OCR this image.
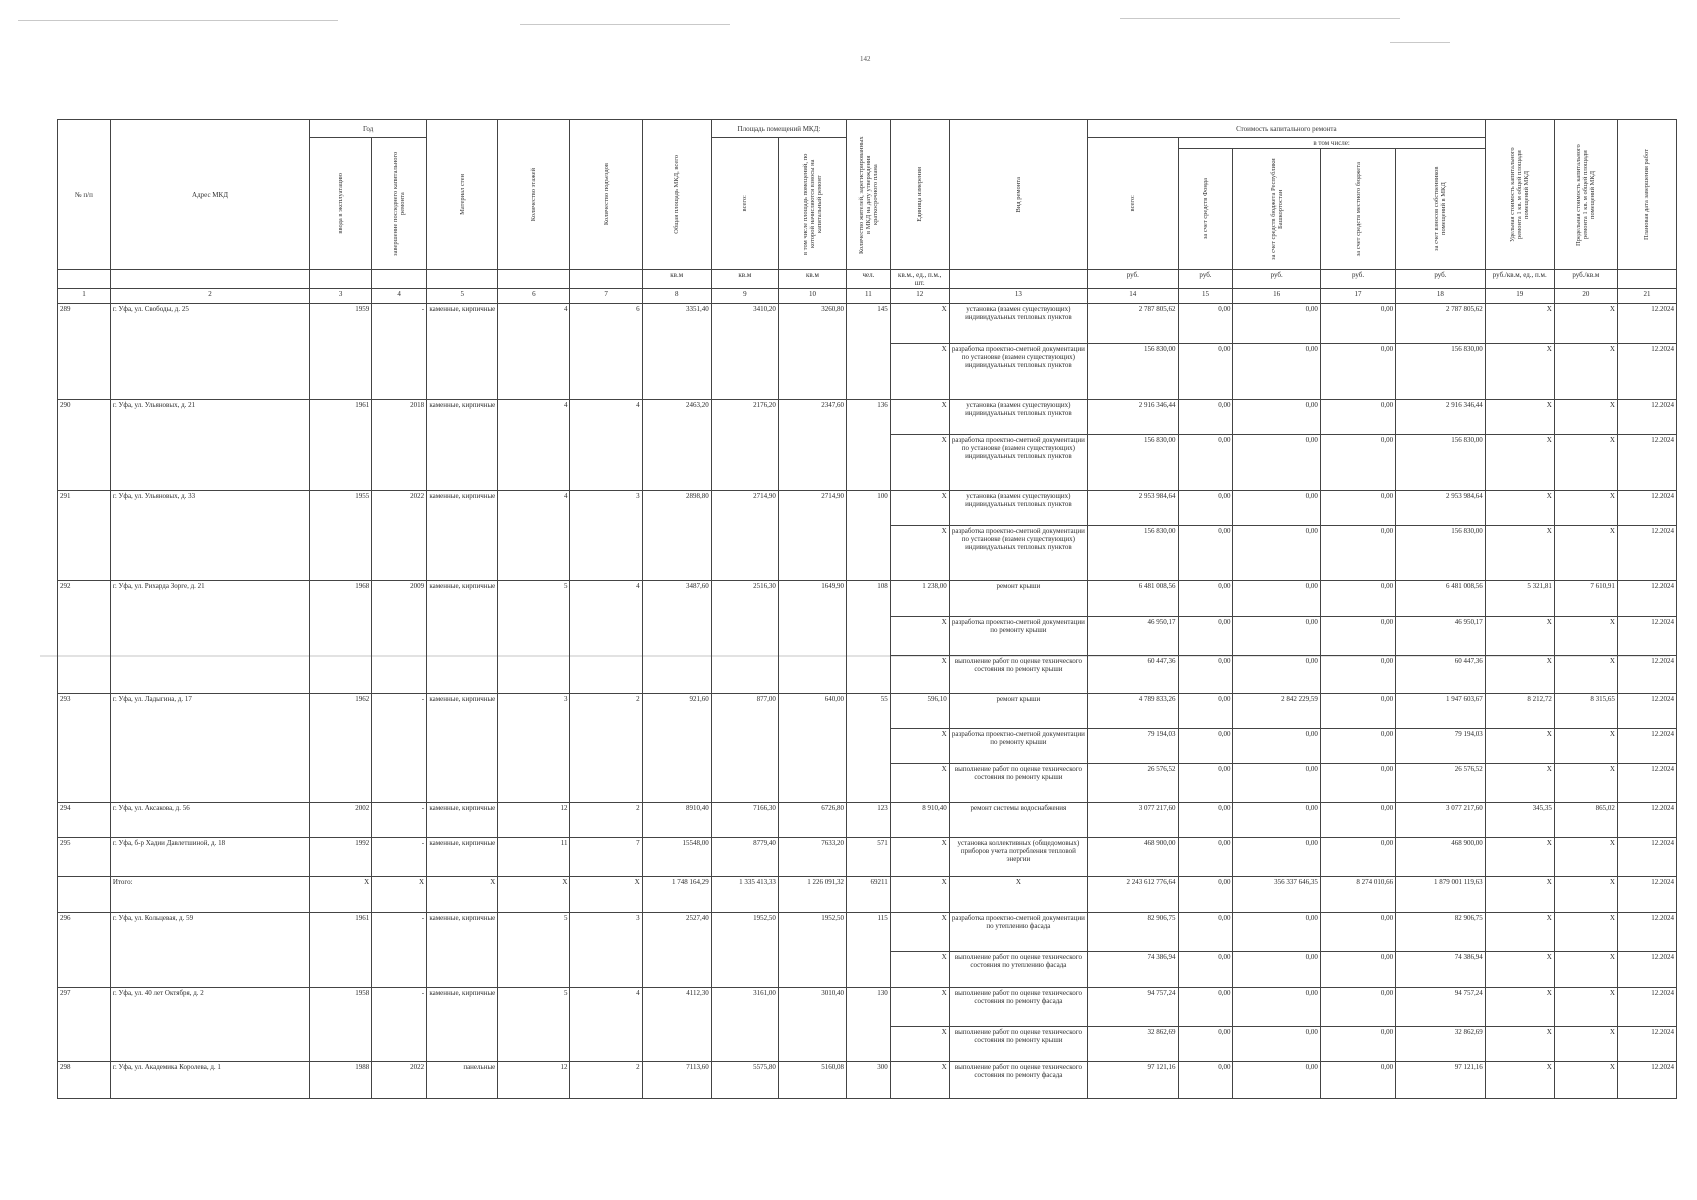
142
№ п/п	Адрес МКД	Год		Материал стен	Количество этажей	Количество подъездов	Общая площадь МКД, всего	Площадь помещений МКД:		Количество жителей, зарегистрированных в МКД на дату утверждения краткосрочного плана	Единица измерения	Вид ремонта	Стоимость капитального ремонта					Удельная стоимость капитального ремонта 1 кв. м общей площади помещений МКД	Предельная стоимость капитального ремонта 1 кв. м общей площади помещений МКД	Плановая дата завершения работ

		ввода в эксплуатацию	завершение последнего капитального ремонта					всего:	в том числе площадь помещений, по которой начисляются взносы на капитальный ремонт				всего:	в том числе:						

														за счет средств Фонда	за счет средств бюджета Республики Башкортостан	за счет средств местного бюджета	за счет взносов собственников помещений в МКД			

							кв.м	кв.м	кв.м	чел.	кв.м., ед., п.м., шт.		руб.	руб.	руб.	руб.	руб.	руб./кв.м, ед., п.м.	руб./кв.м	
1	2	3	4	5	6	7	8	9	10	11	12	13	14	15	16	17	18	19	20	21
289	г. Уфа, ул. Свободы, д. 25	1959	-	каменные, кирпичные	4	6	3351,40	3410,20	3260,80	145	X	установка (взамен существующих) индивидуальных тепловых пунктов	2 787 805,62	0,00	0,00	0,00	2 787 805,62	X	X	12.2024
											X	разработка проектно-сметной документации по установке (взамен существующих) индивидуальных тепловых пунктов	156 830,00	0,00	0,00	0,00	156 830,00	X	X	12.2024
290	г. Уфа, ул. Ульяновых, д. 21	1961	2018	каменные, кирпичные	4	4	2463,20	2176,20	2347,60	136	X	установка (взамен существующих) индивидуальных тепловых пунктов	2 916 346,44	0,00	0,00	0,00	2 916 346,44	X	X	12.2024
											X	разработка проектно-сметной документации по установке (взамен существующих) индивидуальных тепловых пунктов	156 830,00	0,00	0,00	0,00	156 830,00	X	X	12.2024
291	г. Уфа, ул. Ульяновых, д. 33	1955	2022	каменные, кирпичные	4	3	2898,80	2714,90	2714,90	100	X	установка (взамен существующих) индивидуальных тепловых пунктов	2 953 984,64	0,00	0,00	0,00	2 953 984,64	X	X	12.2024
											X	разработка проектно-сметной документации по установке (взамен существующих) индивидуальных тепловых пунктов	156 830,00	0,00	0,00	0,00	156 830,00	X	X	12.2024
292	г. Уфа, ул. Рихарда Зорге, д. 21	1968	2009	каменные, кирпичные	5	4	3487,60	2516,30	1649,90	108	1 238,00	ремонт крыши	6 481 008,56	0,00	0,00	0,00	6 481 008,56	5 321,81	7 610,91	12.2024
											X	разработка проектно-сметной документации по ремонту крыши	46 950,17	0,00	0,00	0,00	46 950,17	X	X	12.2024
											X	выполнение работ по оценке технического состояния по ремонту крыши	60 447,36	0,00	0,00	0,00	60 447,36	X	X	12.2024
293	г. Уфа, ул. Ладыгина, д. 17	1962	-	каменные, кирпичные	3	2	921,60	877,00	640,00	55	596,10	ремонт крыши	4 789 833,26	0,00	2 842 229,59	0,00	1 947 603,67	8 212,72	8 315,65	12.2024
											X	разработка проектно-сметной документации по ремонту крыши	79 194,03	0,00	0,00	0,00	79 194,03	X	X	12.2024
											X	выполнение работ по оценке технического состояния по ремонту крыши	26 576,52	0,00	0,00	0,00	26 576,52	X	X	12.2024
294	г. Уфа, ул. Аксакова, д. 56	2002	-	каменные, кирпичные	12	2	8910,40	7166,30	6726,80	123	8 910,40	ремонт системы водоснабжения	3 077 217,60	0,00	0,00	0,00	3 077 217,60	345,35	865,02	12.2024
295	г. Уфа, б-р Хадии Давлетшиной, д. 18	1992	-	каменные, кирпичные	11	7	15548,00	8779,40	7633,20	571	X	установка коллективных (общедомовых) приборов учета потребления тепловой энергии	468 900,00	0,00	0,00	0,00	468 900,00	X	X	12.2024
	Итого:	X	X	X	X	X	1 748 164,29	1 335 413,33	1 226 091,32	69211	X	X	2 243 612 776,64	0,00	356 337 646,35	8 274 010,66	1 879 001 119,63	X	X	12.2024
296	г. Уфа, ул. Кольцевая, д. 59	1961	-	каменные, кирпичные	5	3	2527,40	1952,50	1952,50	115	X	разработка проектно-сметной документации по утеплению фасада	82 906,75	0,00	0,00	0,00	82 906,75	X	X	12.2024
											X	выполнение работ по оценке технического состояния по утеплению фасада	74 386,94	0,00	0,00	0,00	74 386,94	X	X	12.2024
297	г. Уфа, ул. 40 лет Октября, д. 2	1958	-	каменные, кирпичные	5	4	4112,30	3161,00	3010,40	130	X	выполнение работ по оценке технического состояния по ремонту фасада	94 757,24	0,00	0,00	0,00	94 757,24	X	X	12.2024
											X	выполнение работ по оценке технического состояния по ремонту крыши	32 862,69	0,00	0,00	0,00	32 862,69	X	X	12.2024
298	г. Уфа, ул. Академика Королева, д. 1	1988	2022	панельные	12	2	7113,60	5575,80	5160,08	300	X	выполнение работ по оценке технического состояния по ремонту фасада	97 121,16	0,00	0,00	0,00	97 121,16	X	X	12.2024
